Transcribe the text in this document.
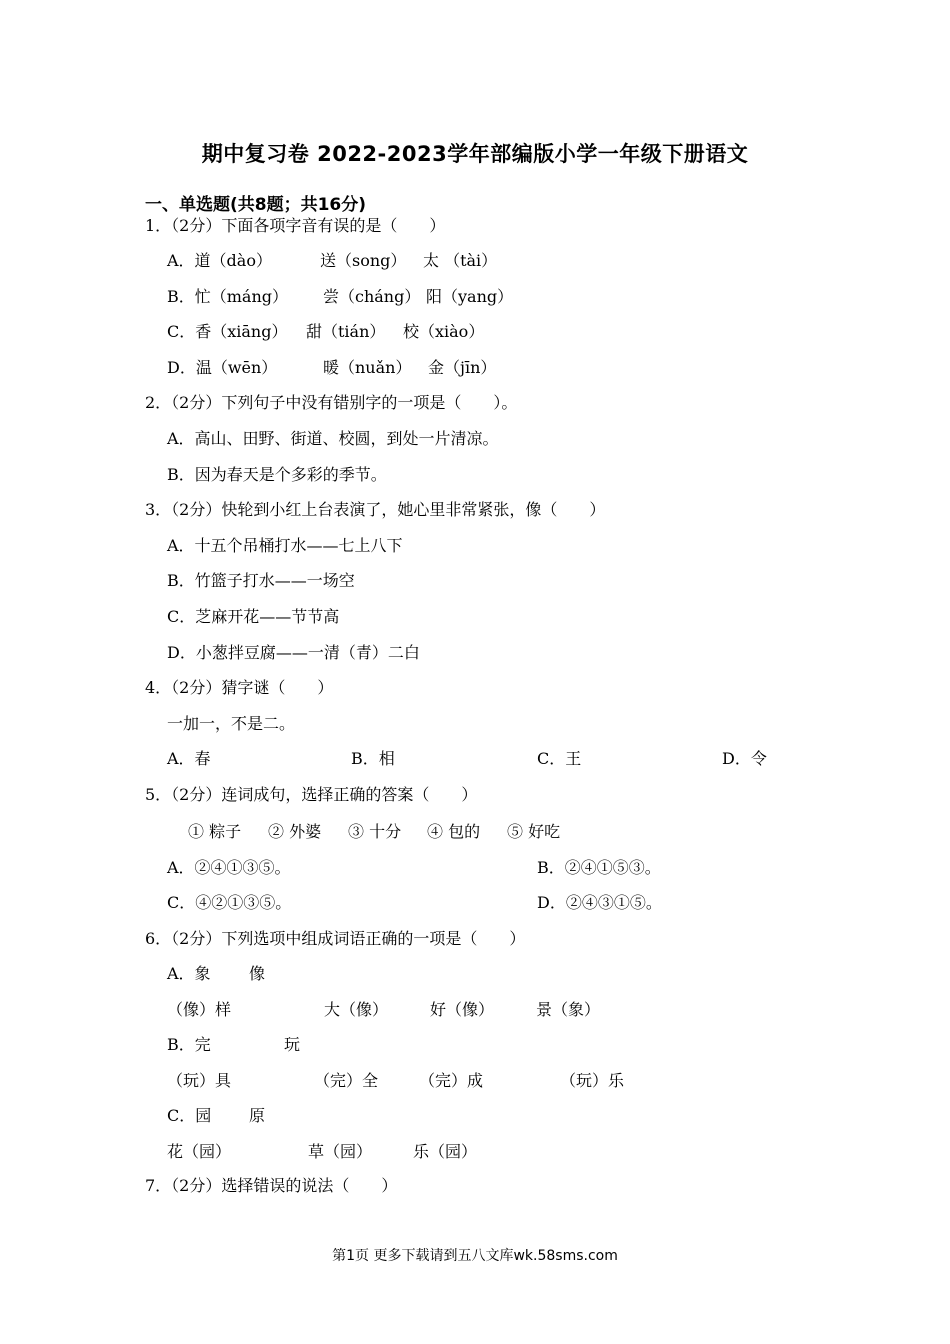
期中复习卷 2022-2023学年部编版小学一年级下册语文
一、单选题(共8题；共16分)
1．（2分）下面各项字音有误的是（　　）
A．道（dào）	送（song） 太 （tài）
B．忙（máng） 尝（cháng） 阳（yang）
C．香（xiāng） 甜（tián） 校（xiào）
D．温（wēn）	暖（nuǎn） 金（jīn）
2．（2分）下列句子中没有错别字的一项是（　　）。
A．高山、田野、街道、校圆，到处一片清凉。
B．因为春天是个多彩的季节。
3．（2分）快轮到小红上台表演了，她心里非常紧张，像（　　）
A．十五个吊桶打水——七上八下
B．竹篮子打水——一场空
C．芝麻开花——节节高
D．小葱拌豆腐——一清（青）二白
4．（2分）猜字谜（　　）
一加一，不是二。
A．春	B．相	C．王	D．令
5．（2分）连词成句，选择正确的答案（　　）
① 粽子 ② 外婆 ③ 十分 ④ 包的 ⑤ 好吃
A．②④①③⑤。	B．②④①⑤③。
C．④②①③⑤。	D．②④③①⑤。
6．（2分）下列选项中组成词语正确的一项是（　　）
A．象 像
（像）样	大（像）	好（像）	景（象）
B．完	玩
（玩）具	（完）全	（完）成	（玩）乐
C．园 原
花（园）	草（园）	乐（园）
7．（2分）选择错误的说法（　　）
第1页 更多下载请到五八文库wk.58sms.com
